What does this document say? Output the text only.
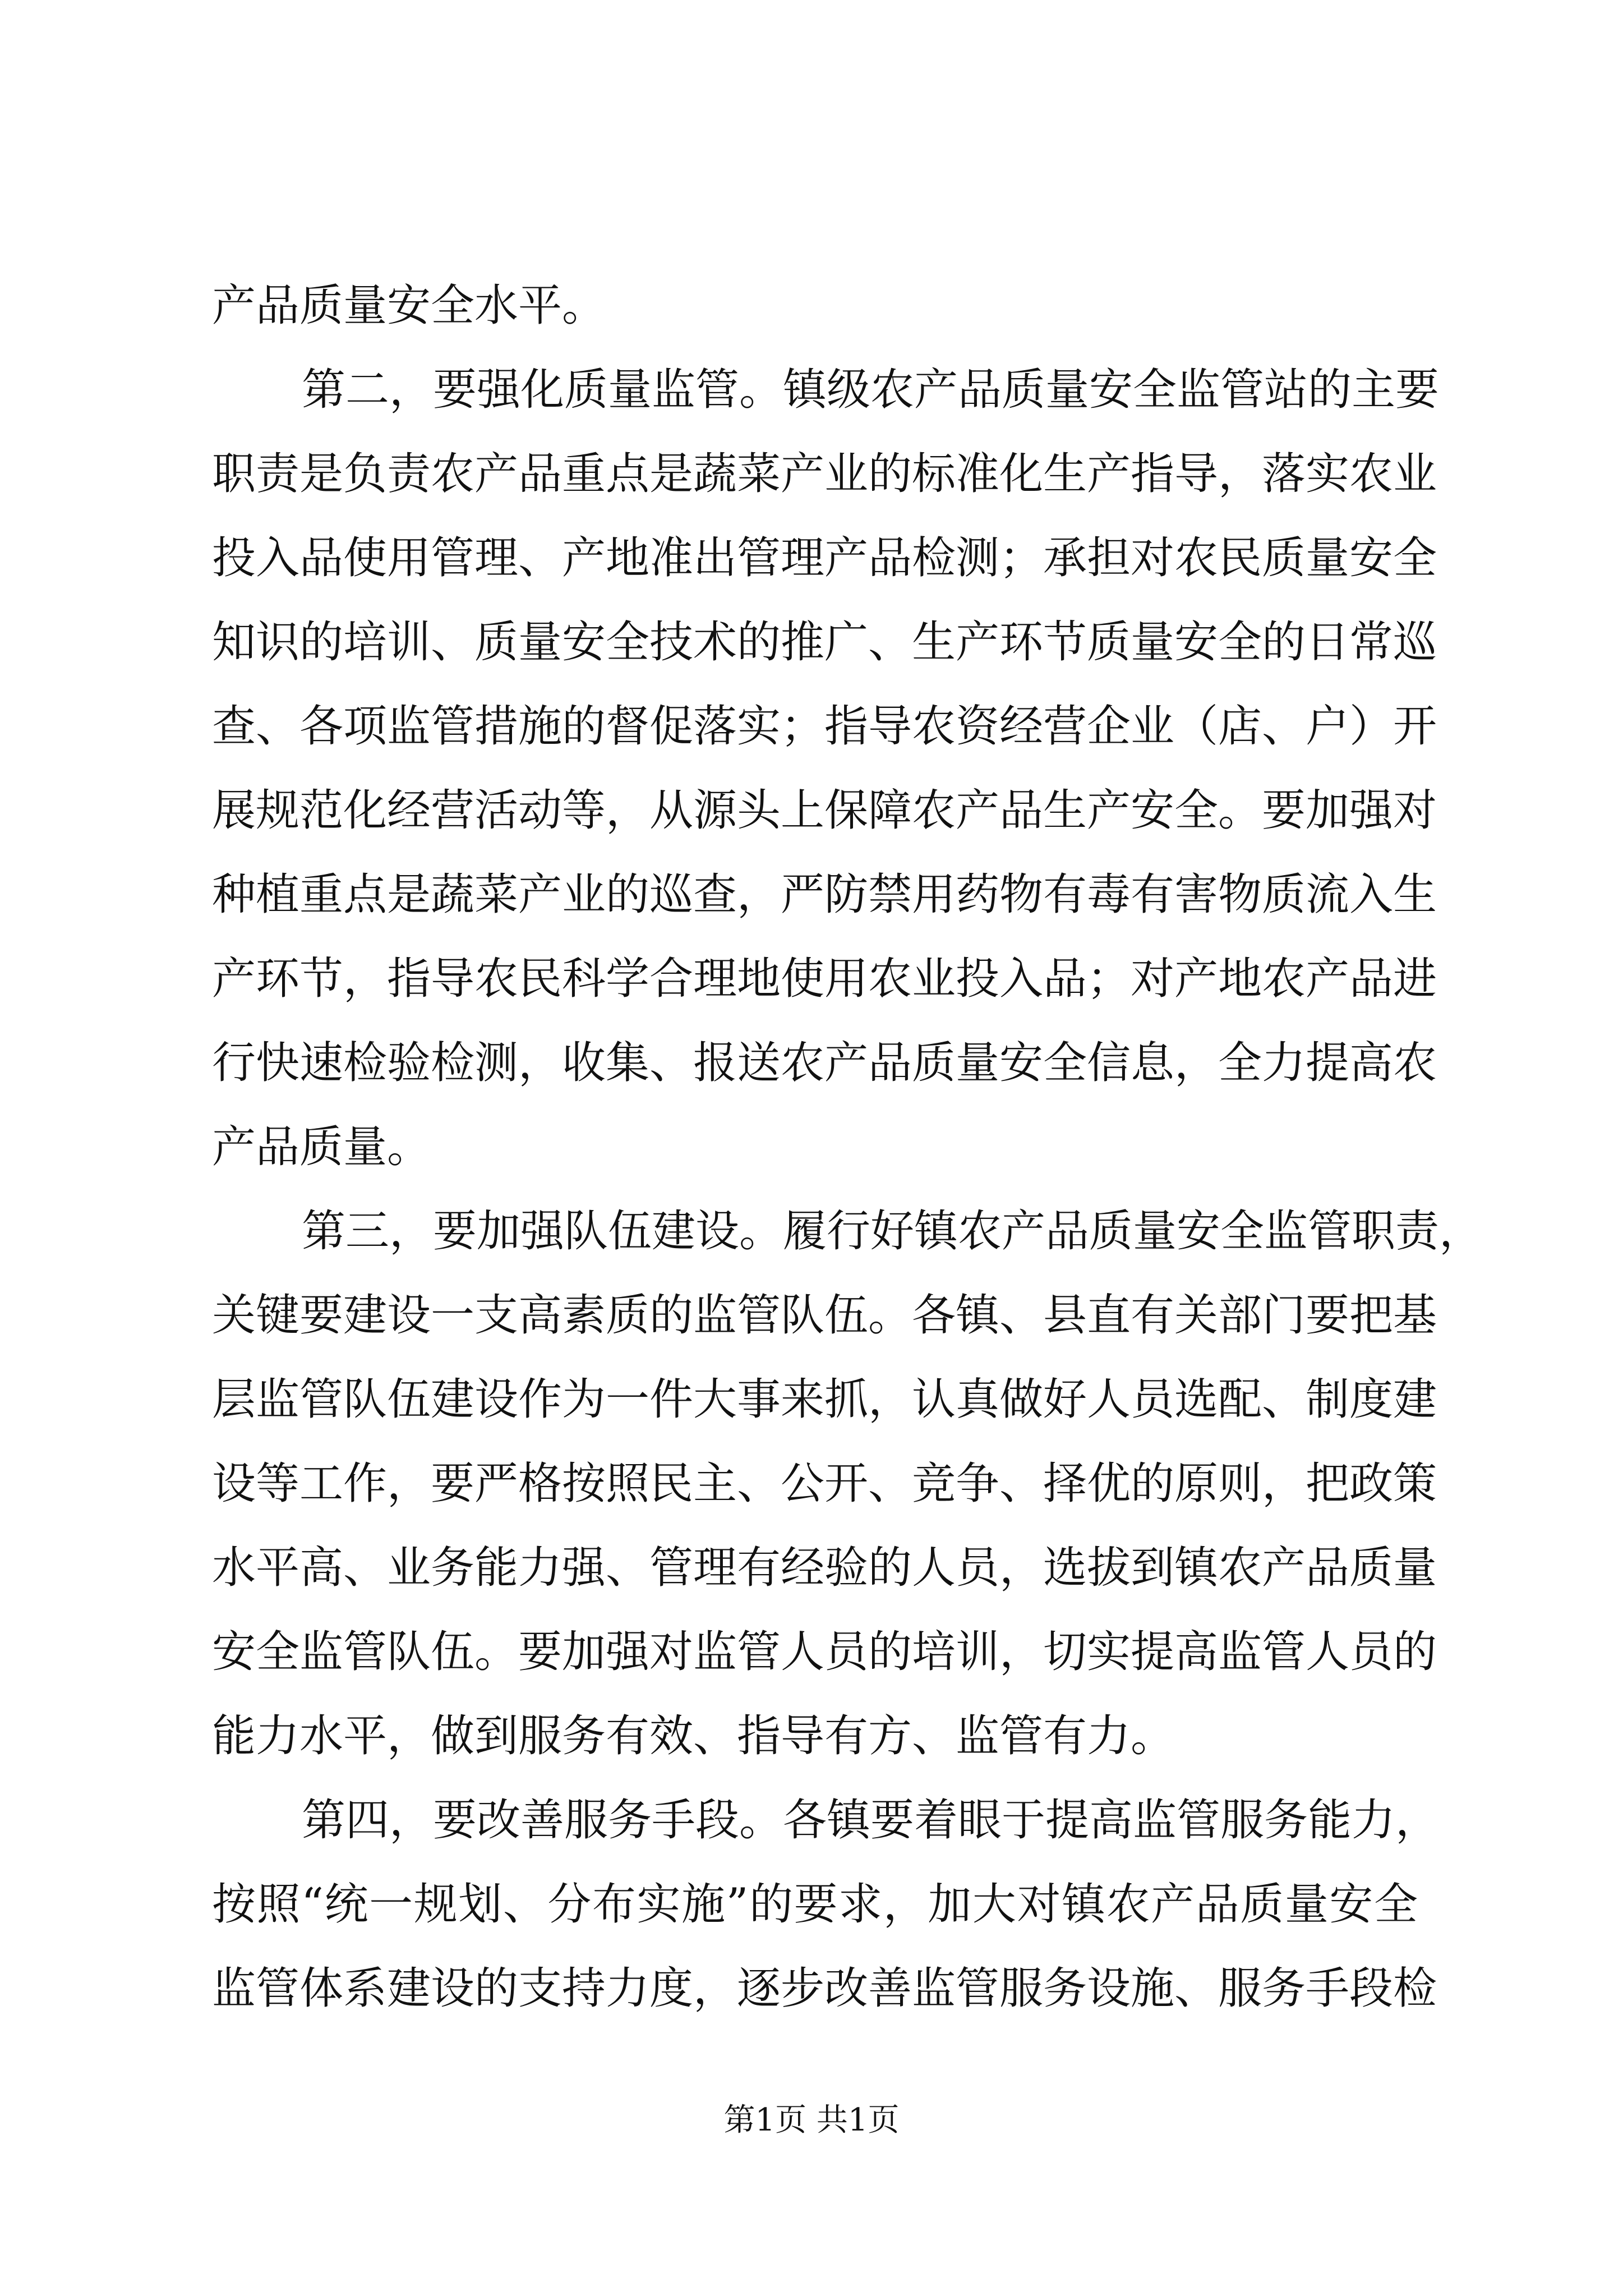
产品质量安全水平。
第二，要强化质量监管。镇级农产品质量安全监管站的主要
职责是负责农产品重点是蔬菜产业的标准化生产指导，落实农业
投入品使用管理、产地准出管理产品检测；承担对农民质量安全
知识的培训、质量安全技术的推广、生产环节质量安全的日常巡
查、各项监管措施的督促落实；指导农资经营企业（店、户）开
展规范化经营活动等，从源头上保障农产品生产安全。要加强对
种植重点是蔬菜产业的巡查，严防禁用药物有毒有害物质流入生
产环节，指导农民科学合理地使用农业投入品；对产地农产品进
行快速检验检测，收集、报送农产品质量安全信息，全力提高农
产品质量。
第三，要加强队伍建设。履行好镇农产品质量安全监管职责，
关键要建设一支高素质的监管队伍。各镇、县直有关部门要把基
层监管队伍建设作为一件大事来抓，认真做好人员选配、制度建
设等工作，要严格按照民主、公开、竞争、择优的原则，把政策
水平高、业务能力强、管理有经验的人员，选拔到镇农产品质量
安全监管队伍。要加强对监管人员的培训，切实提高监管人员的
能力水平，做到服务有效、指导有方、监管有力。
第四，要改善服务手段。各镇要着眼于提高监管服务能力，
按照“统一规划、分布实施”的要求，加大对镇农产品质量安全
监管体系建设的支持力度，逐步改善监管服务设施、服务手段检
第1页 共1页
